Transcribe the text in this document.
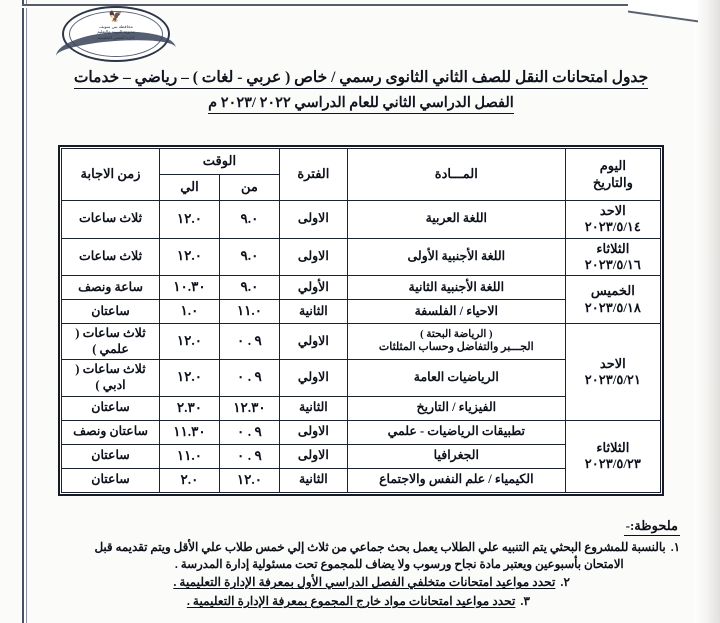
🦅
محافظة بني سويف
مديرية التربية والتعليم
ادارة الفشن التعليمية
جدول امتحانات النقل للصف الثاني الثانوى رسمي / خاص ( عربي - لغات ) – رياضي – خدمات
الفصل الدراسي الثاني للعام الدراسي ٢٠٢٢ /٢٠٢٣ م
اليوم
والتاريخ	المـــادة	الفترة	الوقت		زمن الاجابة
			من	الي	
الاحد
٢٠٢٣/٥/١٤	اللغة العربية	الاولى	٩.٠	١٢.٠	ثلاث ساعات
الثلاثاء
٢٠٢٣/٥/١٦	اللغة الأجنبية الأولى	الاولى	٩.٠	١٢.٠	ثلاث ساعات
الخميس
٢٠٢٣/٥/١٨	اللغة الأجنبية الثانية	الأولي	٩.٠	١٠.٣٠	ساعة ونصف
	الاحياء / الفلسفة	الثانية	١١.٠	١.٠	ساعتان
الاحد
٢٠٢٣/٥/٢١	( الرياضة البحتة )
الجـــبر والتفاضل وحساب المثلثات	الاولي	٩ . ٠	١٢.٠	ثلاث ساعات ( علمي )
	الرياضيات العامة	الاولي	٩ . ٠	١٢.٠	ثلاث ساعات ( ادبي )
	الفيزياء / التاريخ	الثانية	١٢.٣٠	٢.٣٠	ساعتان
الثلاثاء
٢٠٢٣/٥/٢٣	تطبيقات الرياضيات - علمي	الاولى	٩ . ٠	١١.٣٠	ساعتان ونصف
	الجغرافيا	الاولى	٩ . ٠	١١.٠	ساعتان
	الكيمياء / علم النفس والاجتماع	الثانية	١٢.٠	٢.٠	ساعتان
ملحوظة:-
١.
بالنسبة للمشروع البحثي يتم التنبيه علي الطلاب يعمل بحث جماعي من ثلاث إلي خمس طلاب علي الأقل ويتم تقديمه قبل
الامتحان بأسبوعين ويعتبر مادة نجاح ورسوب ولا يضاف للمجموع تحت مسئولية إدارة المدرسة .
٢.
تحدد مواعيد امتحانات متخلفي الفصل الدراسي الأول بمعرفة الإدارة التعليمية .
٣.
تحدد مواعيد امتحانات مواد خارج المجموع بمعرفة الإدارة التعليمية .
